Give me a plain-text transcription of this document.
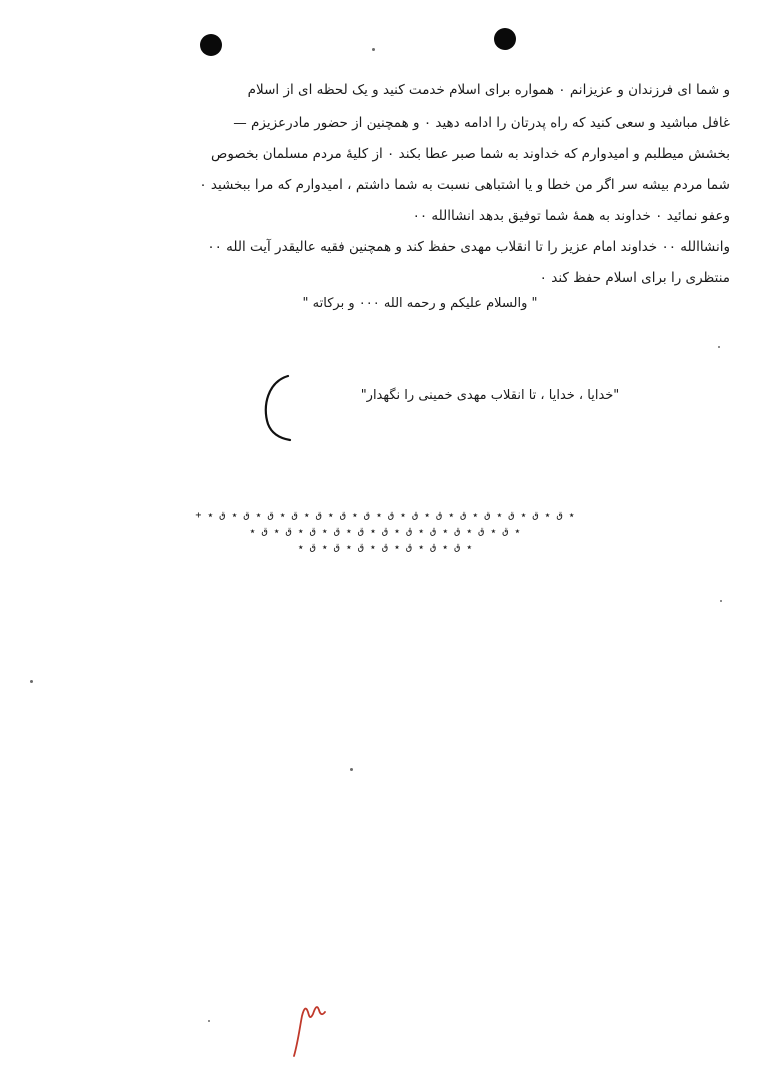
و شما ای فرزندان و عزیزانم ۰ همواره برای اسلام خدمت کنید و یک لحظه ای از اسلام
غافل مباشید و سعی کنید که راه پدرتان را ادامه دهید ۰ و همچنین از حضور مادرعزیزم —
بخشش میطلبم و امیدوارم که خداوند به شما صبر عطا بکند ۰ از کلیهٔ مردم مسلمان بخصوص
شما مردم بیشه سر اگر من خطا و یا اشتباهی نسبت به شما داشتم ، امیدوارم که مرا ببخشید ۰
وعفو نمائید ۰ خداوند به همهٔ شما توفیق بدهد انشاالله ۰۰
وانشاالله ۰۰ خداوند امام عزیز را تا انقلاب مهدی حفظ کند و همچنین فقیه عالیقدر آیت الله ۰۰
منتظری را برای اسلام حفظ کند ۰
" والسلام علیکم و رحمه الله ۰۰۰ و برکاته "
"خدایا ، خدایا ، تا انقلاب مهدی خمینی را نگهدار"
+ ٭ ق ٭ ق ٭ ق ٭ ق ٭ ق ٭ ق ٭ ق ٭ ق ٭ ق ٭ ق ٭ ق ٭ ق ٭ ق ٭ ق ٭ ق ٭
٭ ق ٭ ق ٭ ق ٭ ق ٭ ق ٭ ق ٭ ق ٭ ق ٭ ق ٭ ق ٭ ق ٭
٭ ق ٭ ق ٭ ق ٭ ق ٭ ق ٭ ق ٭ ق ٭
